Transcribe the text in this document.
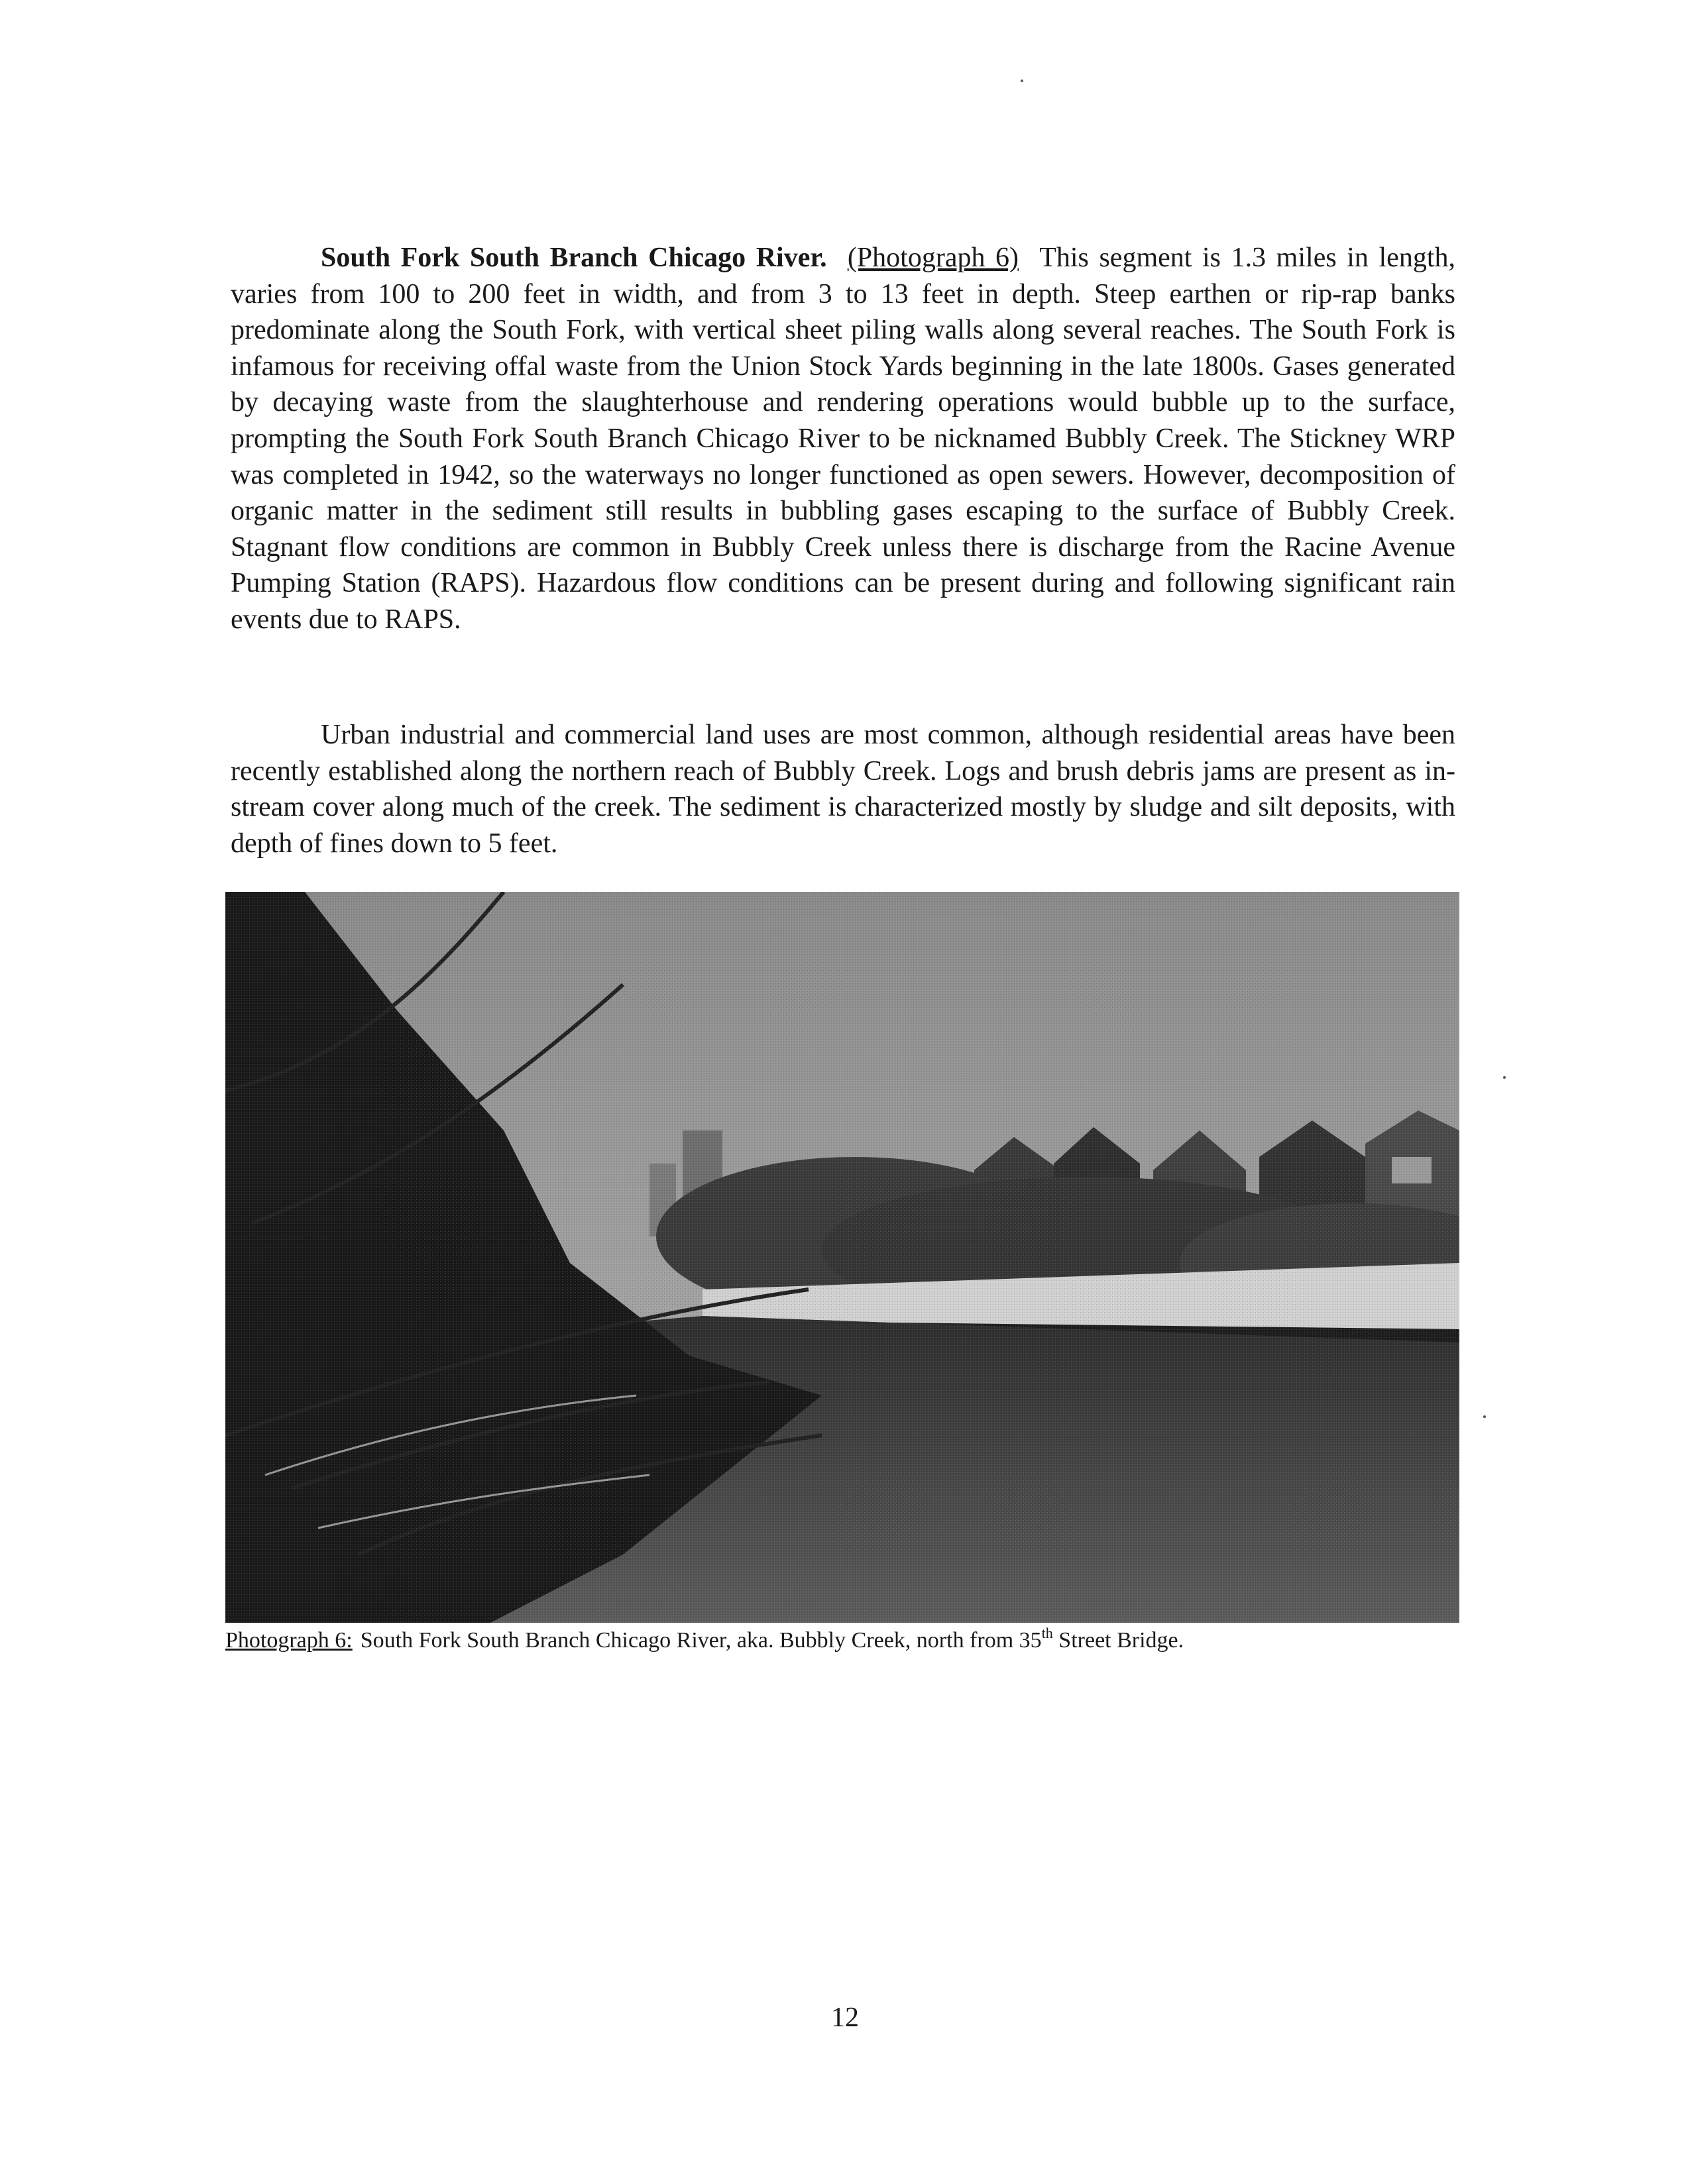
South Fork South Branch Chicago River. (Photograph 6) This segment is 1.3 miles in length, varies from 100 to 200 feet in width, and from 3 to 13 feet in depth. Steep earthen or rip-rap banks predominate along the South Fork, with vertical sheet piling walls along several reaches. The South Fork is infamous for receiving offal waste from the Union Stock Yards beginning in the late 1800s. Gases generated by decaying waste from the slaughterhouse and rendering operations would bubble up to the surface, prompting the South Fork South Branch Chicago River to be nicknamed Bubbly Creek. The Stickney WRP was completed in 1942, so the waterways no longer functioned as open sewers. However, decomposition of organic matter in the sediment still results in bubbling gases escaping to the surface of Bubbly Creek. Stagnant flow conditions are common in Bubbly Creek unless there is discharge from the Racine Avenue Pumping Station (RAPS). Hazardous flow conditions can be present during and following significant rain events due to RAPS.

Urban industrial and commercial land uses are most common, although residential areas have been recently established along the northern reach of Bubbly Creek. Logs and brush debris jams are present as in-stream cover along much of the creek. The sediment is characterized mostly by sludge and silt deposits, with depth of fines down to 5 feet.

Photograph 6: South Fork South Branch Chicago River, aka. Bubbly Creek, north from 35th Street Bridge.
12
